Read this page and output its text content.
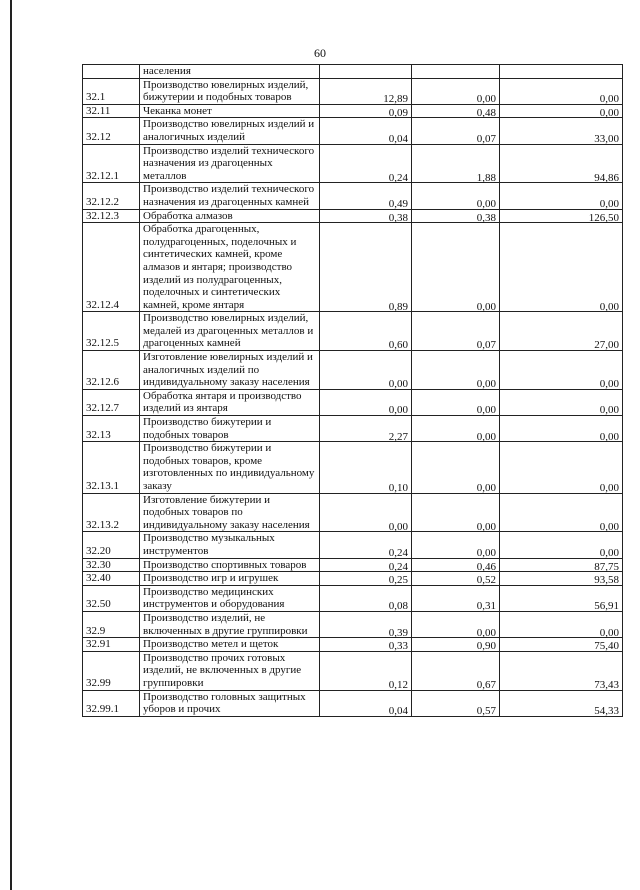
60
	населения			
32.1	Производство ювелирных изделий, бижутерии и подобных товаров	12,89	0,00	0,00
32.11	Чеканка монет	0,09	0,48	0,00
32.12	Производство ювелирных изделий и аналогичных изделий	0,04	0,07	33,00
32.12.1	Производство изделий технического назначения из драгоценных металлов	0,24	1,88	94,86
32.12.2	Производство изделий технического назначения из драгоценных камней	0,49	0,00	0,00
32.12.3	Обработка алмазов	0,38	0,38	126,50
32.12.4	Обработка драгоценных, полудрагоценных, поделочных и синтетических камней, кроме алмазов и янтаря; производство изделий из полудрагоценных, поделочных и синтетических камней, кроме янтаря	0,89	0,00	0,00
32.12.5	Производство ювелирных изделий, медалей из драгоценных металлов и драгоценных камней	0,60	0,07	27,00
32.12.6	Изготовление ювелирных изделий и аналогичных изделий по индивидуальному заказу населения	0,00	0,00	0,00
32.12.7	Обработка янтаря и производство изделий из янтаря	0,00	0,00	0,00
32.13	Производство бижутерии и подобных товаров	2,27	0,00	0,00
32.13.1	Производство бижутерии и подобных товаров, кроме изготовленных по индивидуальному заказу	0,10	0,00	0,00
32.13.2	Изготовление бижутерии и подобных товаров по индивидуальному заказу населения	0,00	0,00	0,00
32.20	Производство музыкальных инструментов	0,24	0,00	0,00
32.30	Производство спортивных товаров	0,24	0,46	87,75
32.40	Производство игр и игрушек	0,25	0,52	93,58
32.50	Производство медицинских инструментов и оборудования	0,08	0,31	56,91
32.9	Производство изделий, не включенных в другие группировки	0,39	0,00	0,00
32.91	Производство метел и щеток	0,33	0,90	75,40
32.99	Производство прочих готовых изделий, не включенных в другие группировки	0,12	0,67	73,43
32.99.1	Производство головных защитных уборов и прочих	0,04	0,57	54,33
